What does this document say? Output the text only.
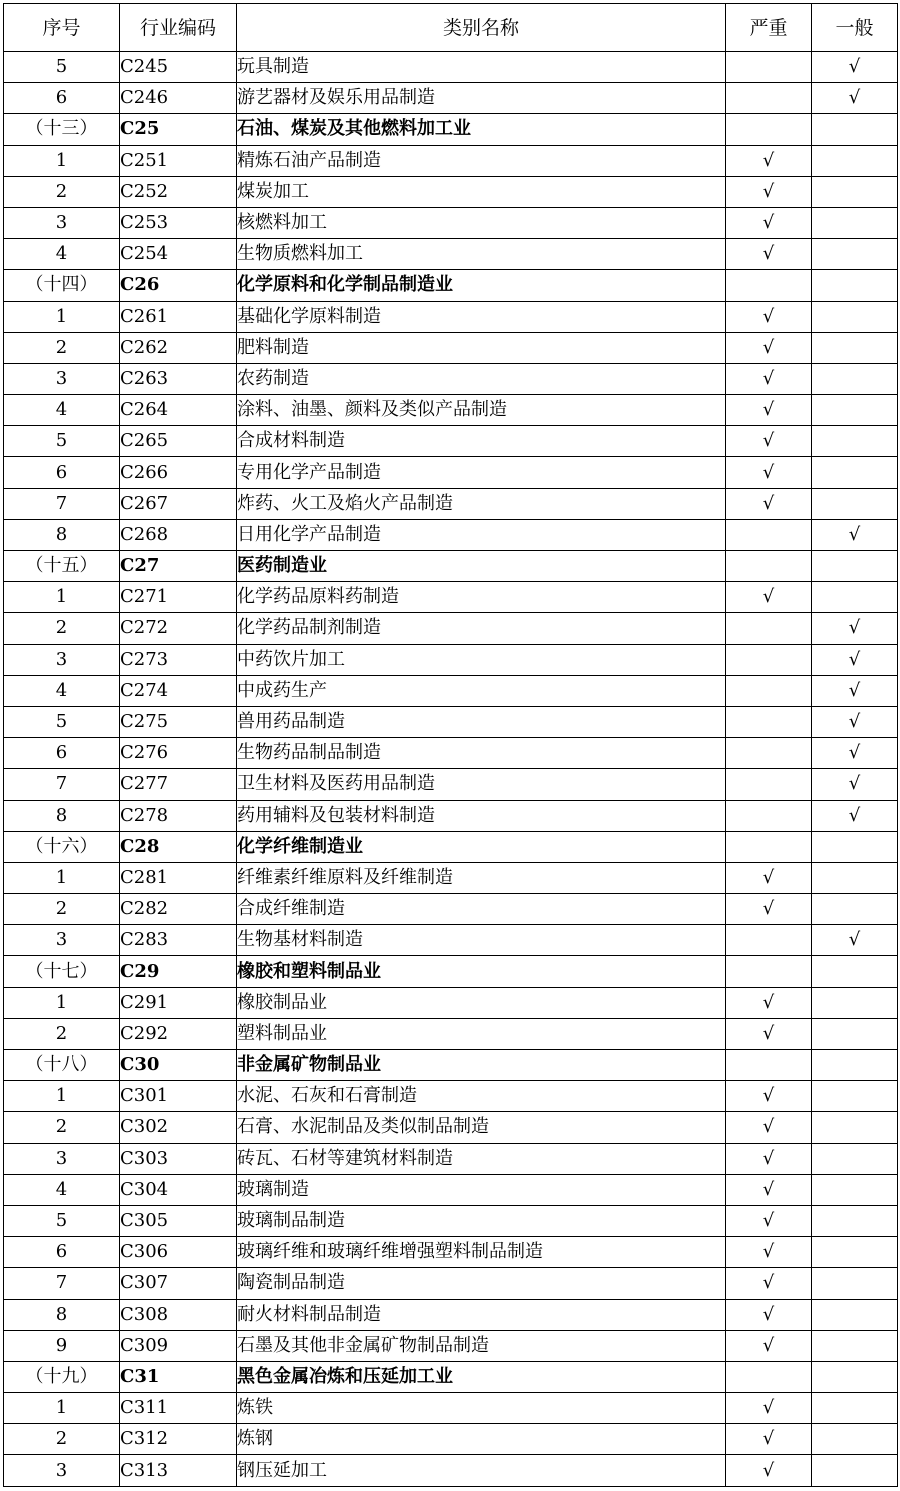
序号	行业编码	类别名称	严重	一般
5	C245	玩具制造		√
6	C246	游艺器材及娱乐用品制造		√
（十三）	C25	石油、煤炭及其他燃料加工业		
1	C251	精炼石油产品制造	√	
2	C252	煤炭加工	√	
3	C253	核燃料加工	√	
4	C254	生物质燃料加工	√	
（十四）	C26	化学原料和化学制品制造业		
1	C261	基础化学原料制造	√	
2	C262	肥料制造	√	
3	C263	农药制造	√	
4	C264	涂料、油墨、颜料及类似产品制造	√	
5	C265	合成材料制造	√	
6	C266	专用化学产品制造	√	
7	C267	炸药、火工及焰火产品制造	√	
8	C268	日用化学产品制造		√
（十五）	C27	医药制造业		
1	C271	化学药品原料药制造	√	
2	C272	化学药品制剂制造		√
3	C273	中药饮片加工		√
4	C274	中成药生产		√
5	C275	兽用药品制造		√
6	C276	生物药品制品制造		√
7	C277	卫生材料及医药用品制造		√
8	C278	药用辅料及包装材料制造		√
（十六）	C28	化学纤维制造业		
1	C281	纤维素纤维原料及纤维制造	√	
2	C282	合成纤维制造	√	
3	C283	生物基材料制造		√
（十七）	C29	橡胶和塑料制品业		
1	C291	橡胶制品业	√	
2	C292	塑料制品业	√	
（十八）	C30	非金属矿物制品业		
1	C301	水泥、石灰和石膏制造	√	
2	C302	石膏、水泥制品及类似制品制造	√	
3	C303	砖瓦、石材等建筑材料制造	√	
4	C304	玻璃制造	√	
5	C305	玻璃制品制造	√	
6	C306	玻璃纤维和玻璃纤维增强塑料制品制造	√	
7	C307	陶瓷制品制造	√	
8	C308	耐火材料制品制造	√	
9	C309	石墨及其他非金属矿物制品制造	√	
（十九）	C31	黑色金属冶炼和压延加工业		
1	C311	炼铁	√	
2	C312	炼钢	√	
3	C313	钢压延加工	√	
